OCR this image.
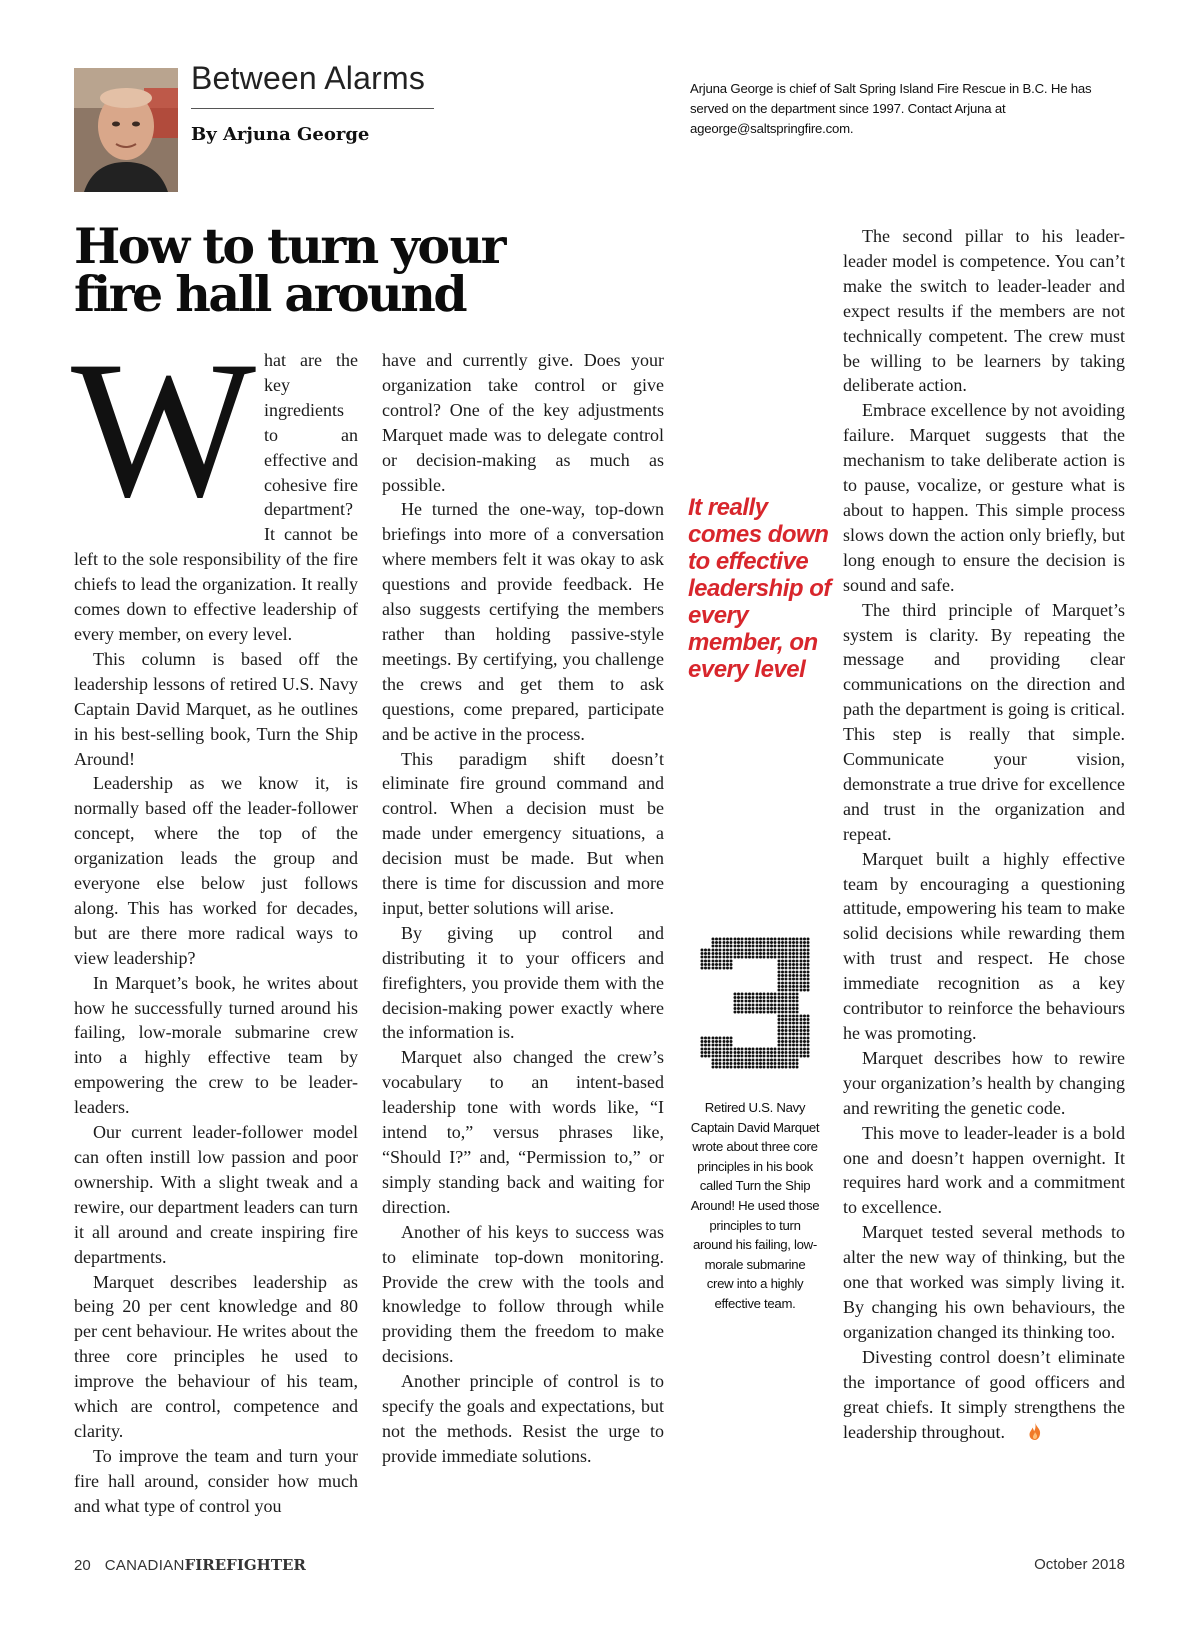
Between Alarms
By Arjuna George
Arjuna George is chief of Salt Spring Island Fire Rescue in B.C. He has served on the department since 1997. Contact Arjuna at ageorge@saltspringfire.com.
How to turn your
fire hall around
W hat are the key ingredients to an effective and cohesive fire department? It cannot be left to the sole responsibility of the fire chiefs to lead the organization. It really comes down to effective leadership of every member, on every level.

This column is based off the leadership lessons of retired U.S. Navy Captain David Marquet, as he outlines in his best-selling book, Turn the Ship Around!

Leadership as we know it, is normally based off the leader-follower concept, where the top of the organization leads the group and everyone else below just follows along. This has worked for decades, but are there more radical ways to view leadership?

In Marquet’s book, he writes about how he successfully turned around his failing, low-morale submarine crew into a highly effective team by empowering the crew to be leader-leaders.

Our current leader-follower model can often instill low passion and poor ownership. With a slight tweak and a rewire, our department leaders can turn it all around and create inspiring fire departments.

Marquet describes leadership as being 20 per cent knowledge and 80 per cent behaviour. He writes about the three core principles he used to improve the behaviour of his team, which are control, competence and clarity.

To improve the team and turn your fire hall around, consider how much and what type of control you

have and currently give. Does your organization take control or give control? One of the key adjustments Marquet made was to delegate control or decision-making as much as possible.

He turned the one-way, top-down briefings into more of a conversation where members felt it was okay to ask questions and provide feedback. He also suggests certifying the members rather than holding passive-style meetings. By certifying, you challenge the crews and get them to ask questions, come prepared, participate and be active in the process.

This paradigm shift doesn’t eliminate fire ground command and control. When a decision must be made under emergency situations, a decision must be made. But when there is time for discussion and more input, better solutions will arise.

By giving up control and distributing it to your officers and firefighters, you provide them with the decision-making power exactly where the information is.

Marquet also changed the crew’s vocabulary to an intent-based leadership tone with words like, “I intend to,” versus phrases like, “Should I?” and, “Permission to,” or simply standing back and waiting for direction.

Another of his keys to success was to eliminate top-down monitoring. Provide the crew with the tools and knowledge to follow through while providing them the freedom to make decisions.

Another principle of control is to specify the goals and expectations, but not the methods. Resist the urge to provide immediate solutions.

It really comes down to effective leadership of every member, on every level
Retired U.S. Navy Captain David Marquet wrote about three core principles in his book called Turn the Ship Around! He used those principles to turn around his failing, low-morale submarine crew into a highly effective team.

The second pillar to his leader-leader model is competence. You can’t make the switch to leader-leader and expect results if the members are not technically competent. The crew must be willing to be learners by taking deliberate action.

Embrace excellence by not avoiding failure. Marquet suggests that the mechanism to take deliberate action is to pause, vocalize, or gesture what is about to happen. This simple process slows down the action only briefly, but long enough to ensure the decision is sound and safe.

The third principle of Marquet’s system is clarity. By repeating the message and providing clear communications on the direction and path the department is going is critical. This step is really that simple. Communicate your vision, demonstrate a true drive for excellence and trust in the organization and repeat.

Marquet built a highly effective team by encouraging a questioning attitude, empowering his team to make solid decisions while rewarding them with trust and respect. He chose immediate recognition as a key contributor to reinforce the behaviours he was promoting.

Marquet describes how to rewire your organization’s health by changing and rewriting the genetic code.

This move to leader-leader is a bold one and doesn’t happen overnight. It requires hard work and a commitment to excellence.

Marquet tested several methods to alter the new way of thinking, but the one that worked was simply living it. By changing his own behaviours, the organization changed its thinking too.

Divesting control doesn’t eliminate the importance of good officers and great chiefs. It simply strengthens the leadership throughout.

20 CANADIANFIREFIGHTER	October 2018
